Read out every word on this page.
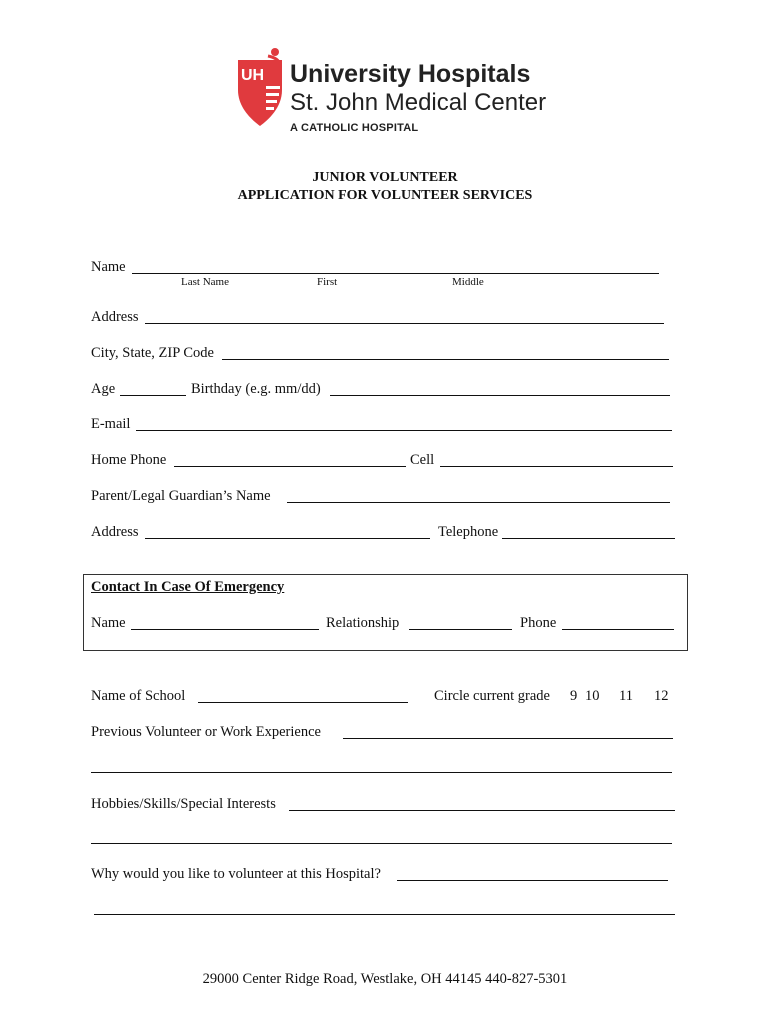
UH University Hospitals
St. John Medical Center
A CATHOLIC HOSPITAL
JUNIOR VOLUNTEER
APPLICATION FOR VOLUNTEER SERVICES
Name
Last Name	First	Middle
Address
City, State, ZIP Code
Age	Birthday (e.g. mm/dd)
E-mail
Home Phone	Cell
Parent/Legal Guardian’s Name
Address	Telephone
Contact In Case Of Emergency
Name	Relationship	Phone
Name of School	Circle current grade 9 10 11 12
Previous Volunteer or Work Experience
Hobbies/Skills/Special Interests
Why would you like to volunteer at this Hospital?
29000 Center Ridge Road, Westlake, OH 44145 440-827-5301
